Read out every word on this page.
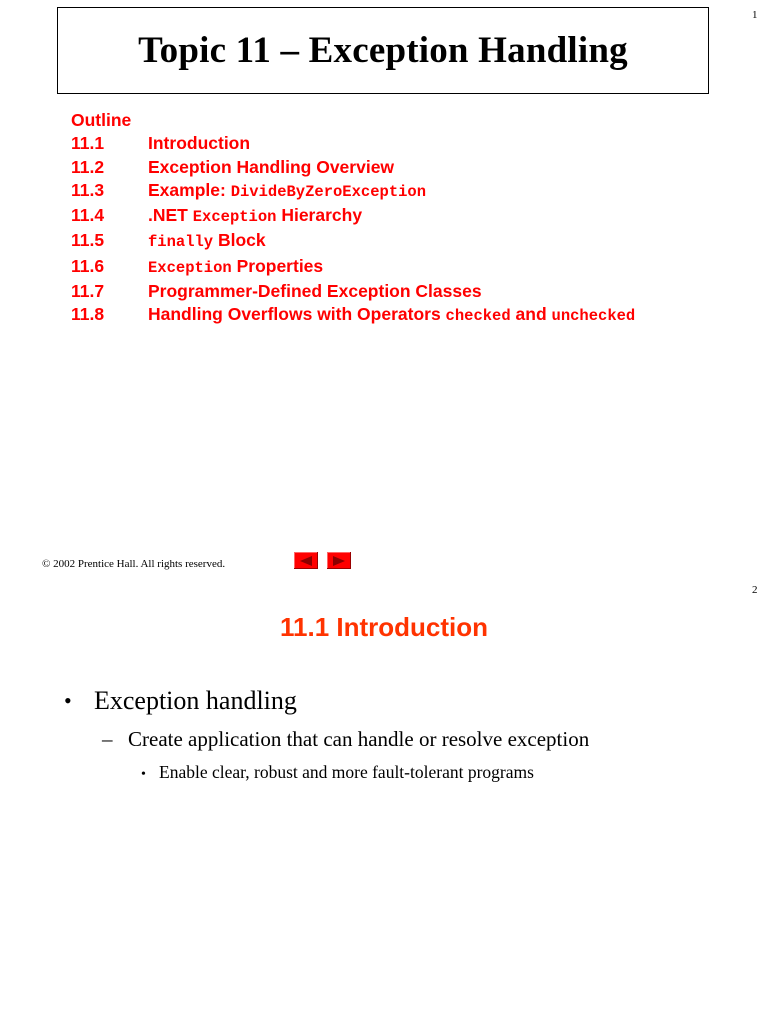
1
Topic 11 – Exception Handling
Outline
11.1	Introduction
11.2	Exception Handling Overview
11.3	Example: DivideByZeroException
11.4	.NET Exception Hierarchy
11.5	finally Block
11.6	Exception Properties
11.7	Programmer-Defined Exception Classes
11.8	Handling Overflows with Operators checked and unchecked
© 2002 Prentice Hall. All rights reserved.
2
11.1 Introduction
• Exception handling
– Create application that can handle or resolve exception
• Enable clear, robust and more fault-tolerant programs
